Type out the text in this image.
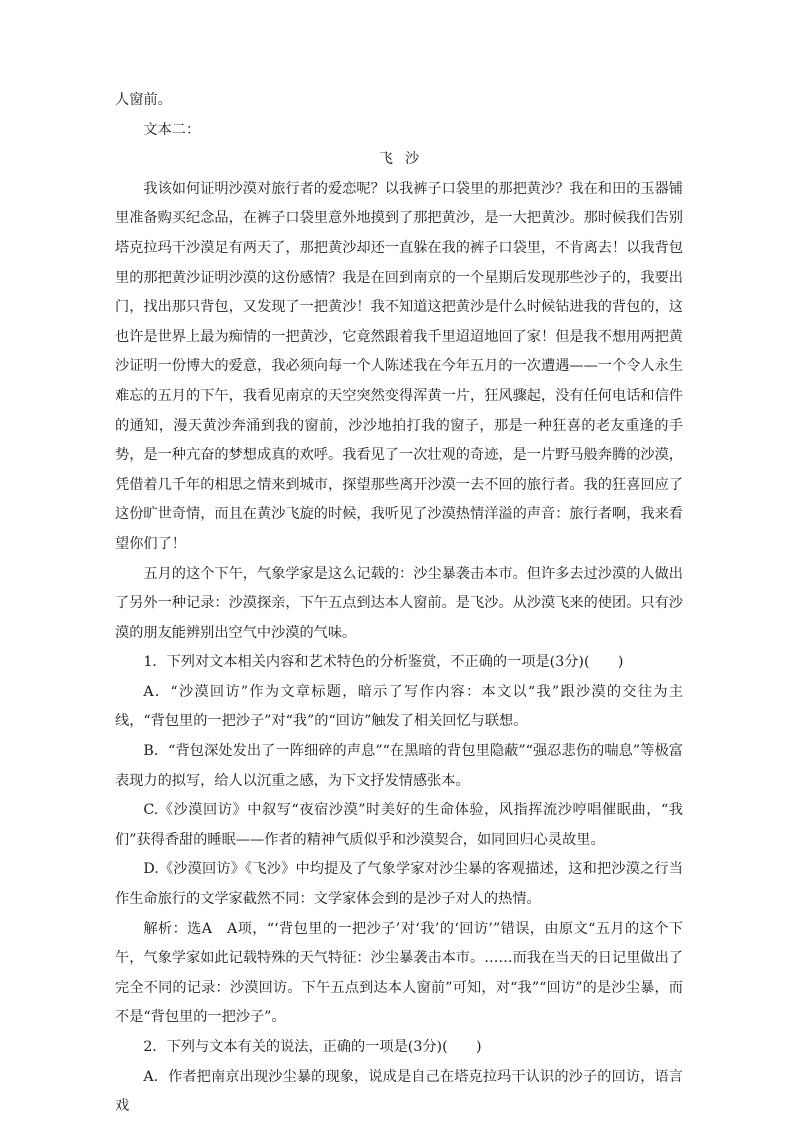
人窗前。

文本二：

飞沙

我该如何证明沙漠对旅行者的爱恋呢？以我裤子口袋里的那把黄沙？我在和田的玉器铺里准备购买纪念品，在裤子口袋里意外地摸到了那把黄沙，是一大把黄沙。那时候我们告别塔克拉玛干沙漠足有两天了，那把黄沙却还一直躲在我的裤子口袋里，不肯离去！以我背包里的那把黄沙证明沙漠的这份感情？我是在回到南京的一个星期后发现那些沙子的，我要出门，找出那只背包，又发现了一把黄沙！我不知道这把黄沙是什么时候钻进我的背包的，这也许是世界上最为痴情的一把黄沙，它竟然跟着我千里迢迢地回了家！但是我不想用两把黄沙证明一份博大的爱意，我必须向每一个人陈述我在今年五月的一次遭遇——一个令人永生难忘的五月的下午，我看见南京的天空突然变得浑黄一片，狂风骤起，没有任何电话和信件的通知，漫天黄沙奔涌到我的窗前，沙沙地拍打我的窗子，那是一种狂喜的老友重逢的手势，是一种亢奋的梦想成真的欢呼。我看见了一次壮观的奇迹，是一片野马般奔腾的沙漠，凭借着几千年的相思之情来到城市，探望那些离开沙漠一去不回的旅行者。我的狂喜回应了这份旷世奇情，而且在黄沙飞旋的时候，我听见了沙漠热情洋溢的声音：旅行者啊，我来看望你们了！

五月的这个下午，气象学家是这么记载的：沙尘暴袭击本市。但许多去过沙漠的人做出了另外一种记录：沙漠探亲，下午五点到达本人窗前。是飞沙。从沙漠飞来的使团。只有沙漠的朋友能辨别出空气中沙漠的气味。

1．下列对文本相关内容和艺术特色的分析鉴赏，不正确的一项是(3分)(　　)

A．“沙漠回访”作为文章标题，暗示了写作内容：本文以“我”跟沙漠的交往为主线，“背包里的一把沙子”对“我”的“回访”触发了相关回忆与联想。

B．“背包深处发出了一阵细碎的声息”“在黑暗的背包里隐蔽”“强忍悲伤的喘息”等极富表现力的拟写，给人以沉重之感，为下文抒发情感张本。

C.《沙漠回访》中叙写“夜宿沙漠”时美好的生命体验，风指挥流沙哼唱催眠曲，“我们”获得香甜的睡眠——作者的精神气质似乎和沙漠契合，如同回归心灵故里。

D.《沙漠回访》《飞沙》中均提及了气象学家对沙尘暴的客观描述，这和把沙漠之行当作生命旅行的文学家截然不同：文学家体会到的是沙子对人的热情。

解析：选A　A项，“‘背包里的一把沙子’对‘我’的‘回访’”错误，由原文“五月的这个下午，气象学家如此记载特殊的天气特征：沙尘暴袭击本市。……而我在当天的日记里做出了完全不同的记录：沙漠回访。下午五点到达本人窗前”可知，对“我”“回访”的是沙尘暴，而不是“背包里的一把沙子”。

2．下列与文本有关的说法，正确的一项是(3分)(　　)

A．作者把南京出现沙尘暴的现象，说成是自己在塔克拉玛干认识的沙子的回访，语言戏
